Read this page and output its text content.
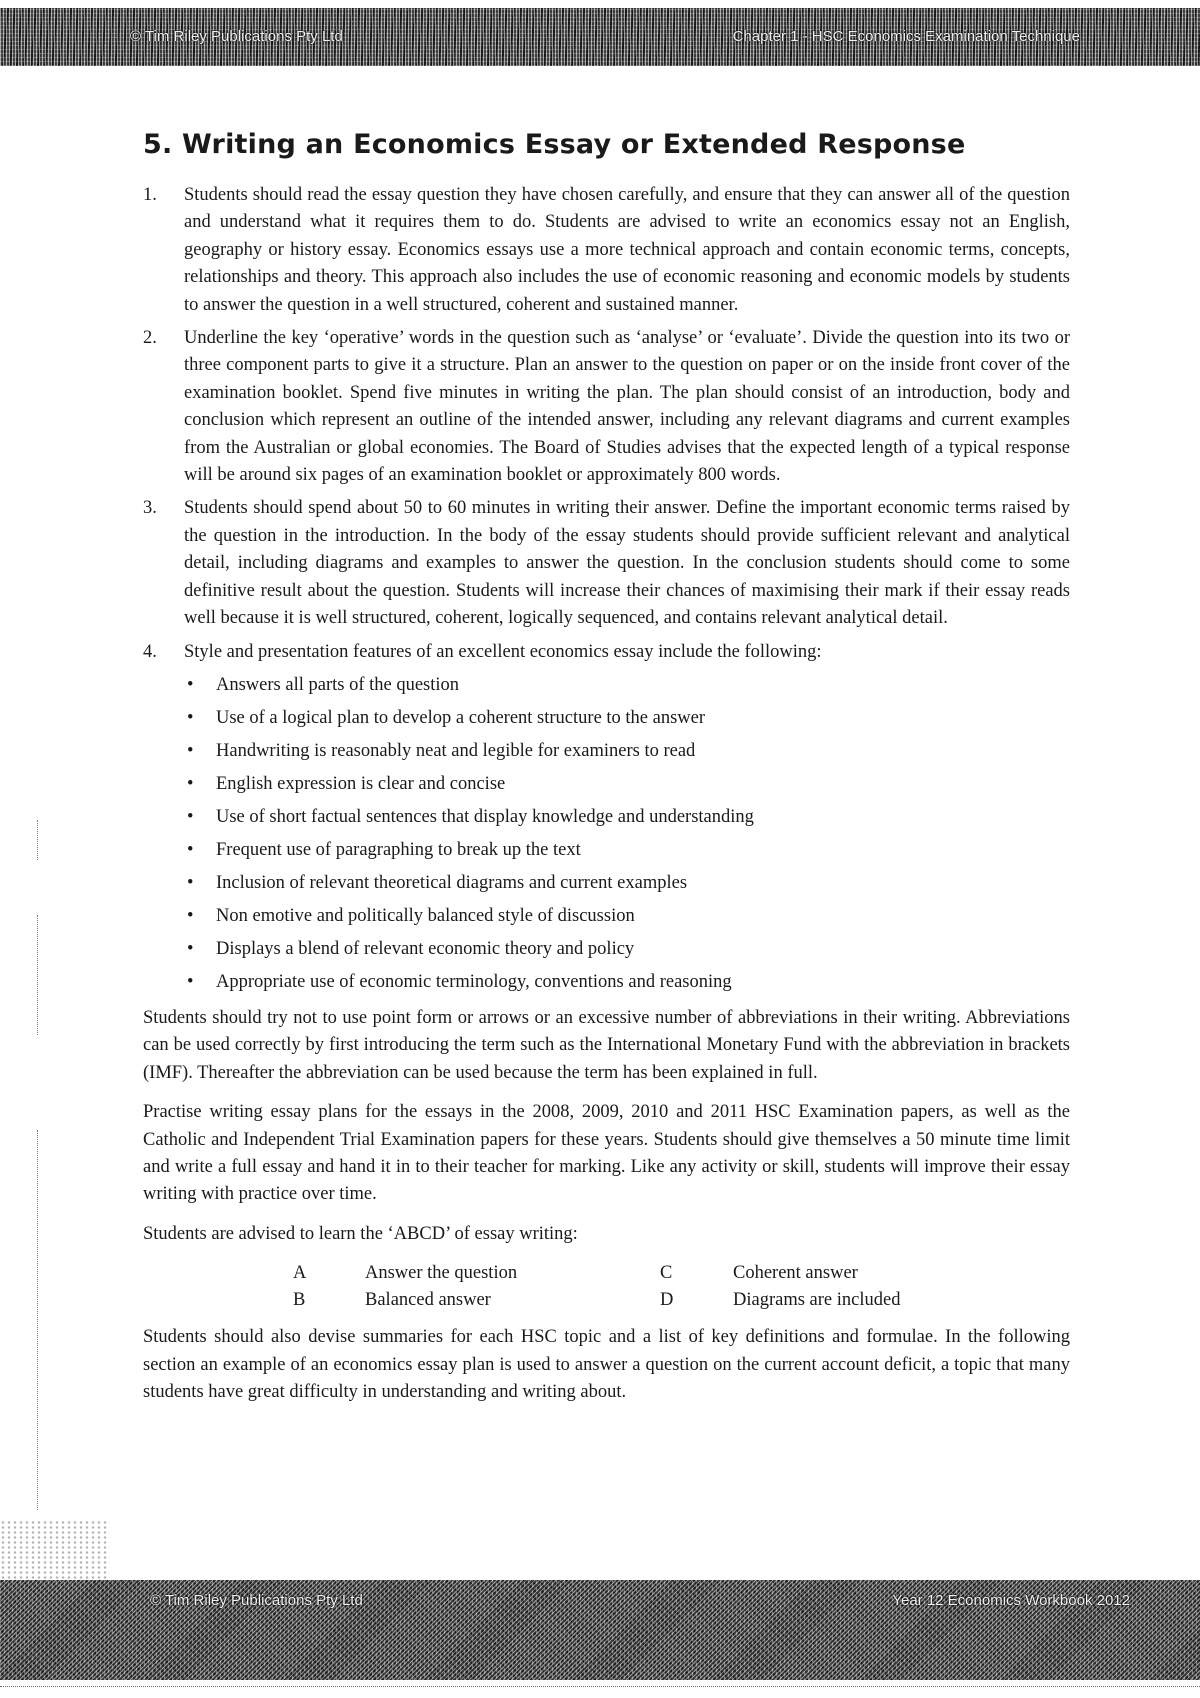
© Tim Riley Publications Pty Ltd	Chapter 1 - HSC Economics Examination Technique
5. Writing an Economics Essay or Extended Response
1. Students should read the essay question they have chosen carefully, and ensure that they can answer all of the question and understand what it requires them to do. Students are advised to write an economics essay not an English, geography or history essay. Economics essays use a more technical approach and contain economic terms, concepts, relationships and theory. This approach also includes the use of economic reasoning and economic models by students to answer the question in a well structured, coherent and sustained manner.
2. Underline the key ‘operative’ words in the question such as ‘analyse’ or ‘evaluate’. Divide the question into its two or three component parts to give it a structure. Plan an answer to the question on paper or on the inside front cover of the examination booklet. Spend five minutes in writing the plan. The plan should consist of an introduction, body and conclusion which represent an outline of the intended answer, including any relevant diagrams and current examples from the Australian or global economies. The Board of Studies advises that the expected length of a typical response will be around six pages of an examination booklet or approximately 800 words.
3. Students should spend about 50 to 60 minutes in writing their answer. Define the important economic terms raised by the question in the introduction. In the body of the essay students should provide sufficient relevant and analytical detail, including diagrams and examples to answer the question. In the conclusion students should come to some definitive result about the question. Students will increase their chances of maximising their mark if their essay reads well because it is well structured, coherent, logically sequenced, and contains relevant analytical detail.
4. Style and presentation features of an excellent economics essay include the following:
• Answers all parts of the question
• Use of a logical plan to develop a coherent structure to the answer
• Handwriting is reasonably neat and legible for examiners to read
• English expression is clear and concise
• Use of short factual sentences that display knowledge and understanding
• Frequent use of paragraphing to break up the text
• Inclusion of relevant theoretical diagrams and current examples
• Non emotive and politically balanced style of discussion
• Displays a blend of relevant economic theory and policy
• Appropriate use of economic terminology, conventions and reasoning

Students should try not to use point form or arrows or an excessive number of abbreviations in their writing. Abbreviations can be used correctly by first introducing the term such as the International Monetary Fund with the abbreviation in brackets (IMF). Thereafter the abbreviation can be used because the term has been explained in full.

Practise writing essay plans for the essays in the 2008, 2009, 2010 and 2011 HSC Examination papers, as well as the Catholic and Independent Trial Examination papers for these years. Students should give themselves a 50 minute time limit and write a full essay and hand it in to their teacher for marking. Like any activity or skill, students will improve their essay writing with practice over time.

Students are advised to learn the ‘ABCD’ of essay writing:

A	Answer the question	C	Coherent answer
B	Balanced answer	D	Diagrams are included

Students should also devise summaries for each HSC topic and a list of key definitions and formulae. In the following section an example of an economics essay plan is used to answer a question on the current account deficit, a topic that many students have great difficulty in understanding and writing about.

© Tim Riley Publications Pty Ltd	Year 12 Economics Workbook 2012
